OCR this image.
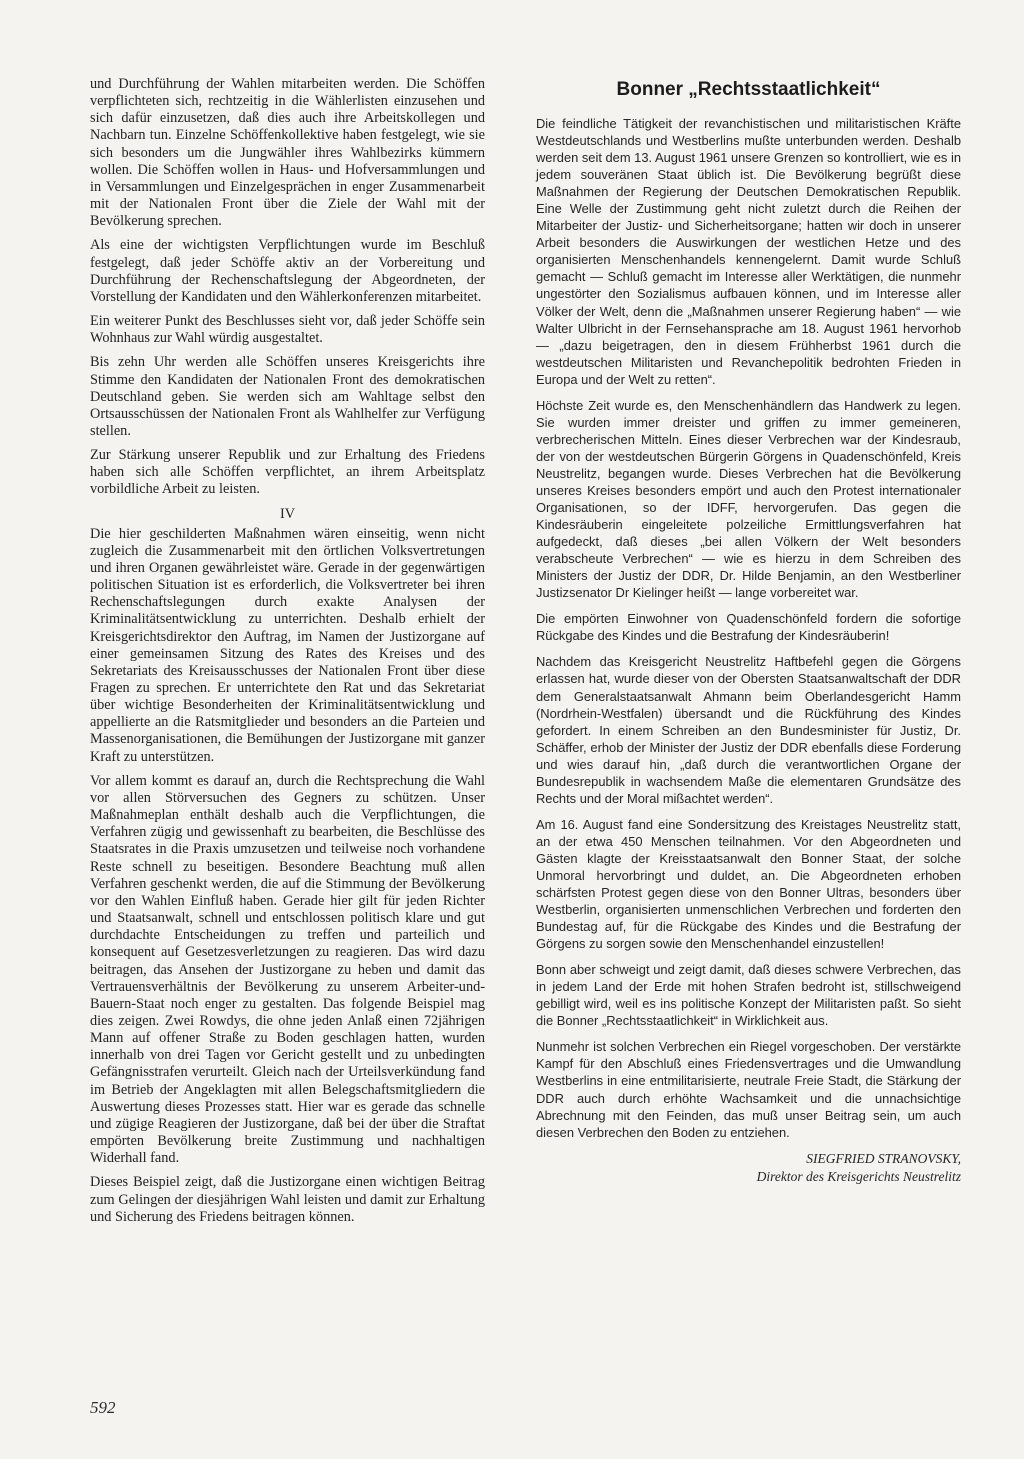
und Durchführung der Wahlen mitarbeiten werden. Die Schöffen verpflichteten sich, rechtzeitig in die Wählerlisten einzusehen und sich dafür einzusetzen, daß dies auch ihre Arbeitskollegen und Nachbarn tun. Einzelne Schöffenkollektive haben festgelegt, wie sie sich besonders um die Jungwähler ihres Wahlbezirks kümmern wollen. Die Schöffen wollen in Haus- und Hofversammlungen und in Versammlungen und Einzelgesprächen in enger Zusammenarbeit mit der Nationalen Front über die Ziele der Wahl mit der Bevölkerung sprechen.

Als eine der wichtigsten Verpflichtungen wurde im Beschluß festgelegt, daß jeder Schöffe aktiv an der Vorbereitung und Durchführung der Rechenschaftslegung der Abgeordneten, der Vorstellung der Kandidaten und den Wählerkonferenzen mitarbeitet.

Ein weiterer Punkt des Beschlusses sieht vor, daß jeder Schöffe sein Wohnhaus zur Wahl würdig ausgestaltet.

Bis zehn Uhr werden alle Schöffen unseres Kreisgerichts ihre Stimme den Kandidaten der Nationalen Front des demokratischen Deutschland geben. Sie werden sich am Wahltage selbst den Ortsausschüssen der Nationalen Front als Wahlhelfer zur Verfügung stellen.

Zur Stärkung unserer Republik und zur Erhaltung des Friedens haben sich alle Schöffen verpflichtet, an ihrem Arbeitsplatz vorbildliche Arbeit zu leisten.

IV

Die hier geschilderten Maßnahmen wären einseitig, wenn nicht zugleich die Zusammenarbeit mit den örtlichen Volksvertretungen und ihren Organen gewährleistet wäre. Gerade in der gegenwärtigen politischen Situation ist es erforderlich, die Volksvertreter bei ihren Rechenschaftslegungen durch exakte Analysen der Kriminalitätsentwicklung zu unterrichten. Deshalb erhielt der Kreisgerichtsdirektor den Auftrag, im Namen der Justizorgane auf einer gemeinsamen Sitzung des Rates des Kreises und des Sekretariats des Kreisausschusses der Nationalen Front über diese Fragen zu sprechen. Er unterrichtete den Rat und das Sekretariat über wichtige Besonderheiten der Kriminalitätsentwicklung und appellierte an die Ratsmitglieder und besonders an die Parteien und Massenorganisationen, die Bemühungen der Justizorgane mit ganzer Kraft zu unterstützen.

Vor allem kommt es darauf an, durch die Rechtsprechung die Wahl vor allen Störversuchen des Gegners zu schützen. Unser Maßnahmeplan enthält deshalb auch die Verpflichtungen, die Verfahren zügig und gewissenhaft zu bearbeiten, die Beschlüsse des Staatsrates in die Praxis umzusetzen und teilweise noch vorhandene Reste schnell zu beseitigen. Besondere Beachtung muß allen Verfahren geschenkt werden, die auf die Stimmung der Bevölkerung vor den Wahlen Einfluß haben. Gerade hier gilt für jeden Richter und Staatsanwalt, schnell und entschlossen politisch klare und gut durchdachte Entscheidungen zu treffen und parteilich und konsequent auf Gesetzesverletzungen zu reagieren. Das wird dazu beitragen, das Ansehen der Justizorgane zu heben und damit das Vertrauensverhältnis der Bevölkerung zu unserem Arbeiter-und-Bauern-Staat noch enger zu gestalten. Das folgende Beispiel mag dies zeigen. Zwei Rowdys, die ohne jeden Anlaß einen 72jährigen Mann auf offener Straße zu Boden geschlagen hatten, wurden innerhalb von drei Tagen vor Gericht gestellt und zu unbedingten Gefängnisstrafen verurteilt. Gleich nach der Urteilsverkündung fand im Betrieb der Angeklagten mit allen Belegschaftsmitgliedern die Auswertung dieses Prozesses statt. Hier war es gerade das schnelle und zügige Reagieren der Justizorgane, daß bei der über die Straftat empörten Bevölkerung breite Zustimmung und nachhaltigen Widerhall fand.

Dieses Beispiel zeigt, daß die Justizorgane einen wichtigen Beitrag zum Gelingen der diesjährigen Wahl leisten und damit zur Erhaltung und Sicherung des Friedens beitragen können.

Bonner „Rechtsstaatlichkeit“

Die feindliche Tätigkeit der revanchistischen und militaristischen Kräfte Westdeutschlands und Westberlins mußte unterbunden werden. Deshalb werden seit dem 13. August 1961 unsere Grenzen so kontrolliert, wie es in jedem souveränen Staat üblich ist. Die Bevölkerung begrüßt diese Maßnahmen der Regierung der Deutschen Demokratischen Republik. Eine Welle der Zustimmung geht nicht zuletzt durch die Reihen der Mitarbeiter der Justiz- und Sicherheitsorgane; hatten wir doch in unserer Arbeit besonders die Auswirkungen der westlichen Hetze und des organisierten Menschenhandels kennengelernt. Damit wurde Schluß gemacht — Schluß gemacht im Interesse aller Werktätigen, die nunmehr ungestörter den Sozialismus aufbauen können, und im Interesse aller Völker der Welt, denn die „Maßnahmen unserer Regierung haben“ — wie Walter Ulbricht in der Fernsehansprache am 18. August 1961 hervorhob — „dazu beigetragen, den in diesem Frühherbst 1961 durch die westdeutschen Militaristen und Revanchepolitik bedrohten Frieden in Europa und der Welt zu retten“.

Höchste Zeit wurde es, den Menschenhändlern das Handwerk zu legen. Sie wurden immer dreister und griffen zu immer gemeineren, verbrecherischen Mitteln. Eines dieser Verbrechen war der Kindesraub, der von der westdeutschen Bürgerin Görgens in Quadenschönfeld, Kreis Neustrelitz, begangen wurde. Dieses Verbrechen hat die Bevölkerung unseres Kreises besonders empört und auch den Protest internationaler Organisationen, so der IDFF, hervorgerufen. Das gegen die Kindesräuberin eingeleitete polzeiliche Ermittlungsverfahren hat aufgedeckt, daß dieses „bei allen Völkern der Welt besonders verabscheute Verbrechen“ — wie es hierzu in dem Schreiben des Ministers der Justiz der DDR, Dr. Hilde Benjamin, an den Westberliner Justizsenator Dr Kielinger heißt — lange vorbereitet war.

Die empörten Einwohner von Quadenschönfeld fordern die sofortige Rückgabe des Kindes und die Bestrafung der Kindesräuberin!

Nachdem das Kreisgericht Neustrelitz Haftbefehl gegen die Görgens erlassen hat, wurde dieser von der Obersten Staatsanwaltschaft der DDR dem Generalstaatsanwalt Ahmann beim Oberlandesgericht Hamm (Nordrhein-Westfalen) übersandt und die Rückführung des Kindes gefordert. In einem Schreiben an den Bundesminister für Justiz, Dr. Schäffer, erhob der Minister der Justiz der DDR ebenfalls diese Forderung und wies darauf hin, „daß durch die verantwortlichen Organe der Bundesrepublik in wachsendem Maße die elementaren Grundsätze des Rechts und der Moral mißachtet werden“.

Am 16. August fand eine Sondersitzung des Kreistages Neustrelitz statt, an der etwa 450 Menschen teilnahmen. Vor den Abgeordneten und Gästen klagte der Kreisstaatsanwalt den Bonner Staat, der solche Unmoral hervorbringt und duldet, an. Die Abgeordneten erhoben schärfsten Protest gegen diese von den Bonner Ultras, besonders über Westberlin, organisierten unmenschlichen Verbrechen und forderten den Bundestag auf, für die Rückgabe des Kindes und die Bestrafung der Görgens zu sorgen sowie den Menschenhandel einzustellen!

Bonn aber schweigt und zeigt damit, daß dieses schwere Verbrechen, das in jedem Land der Erde mit hohen Strafen bedroht ist, stillschweigend gebilligt wird, weil es ins politische Konzept der Militaristen paßt. So sieht die Bonner „Rechtsstaatlichkeit“ in Wirklichkeit aus.

Nunmehr ist solchen Verbrechen ein Riegel vorgeschoben. Der verstärkte Kampf für den Abschluß eines Friedensvertrages und die Umwandlung Westberlins in eine entmilitarisierte, neutrale Freie Stadt, die Stärkung der DDR auch durch erhöhte Wachsamkeit und die unnachsichtige Abrechnung mit den Feinden, das muß unser Beitrag sein, um auch diesen Verbrechen den Boden zu entziehen.

SIEGFRIED STRANOVSKY,
Direktor des Kreisgerichts Neustrelitz
592
